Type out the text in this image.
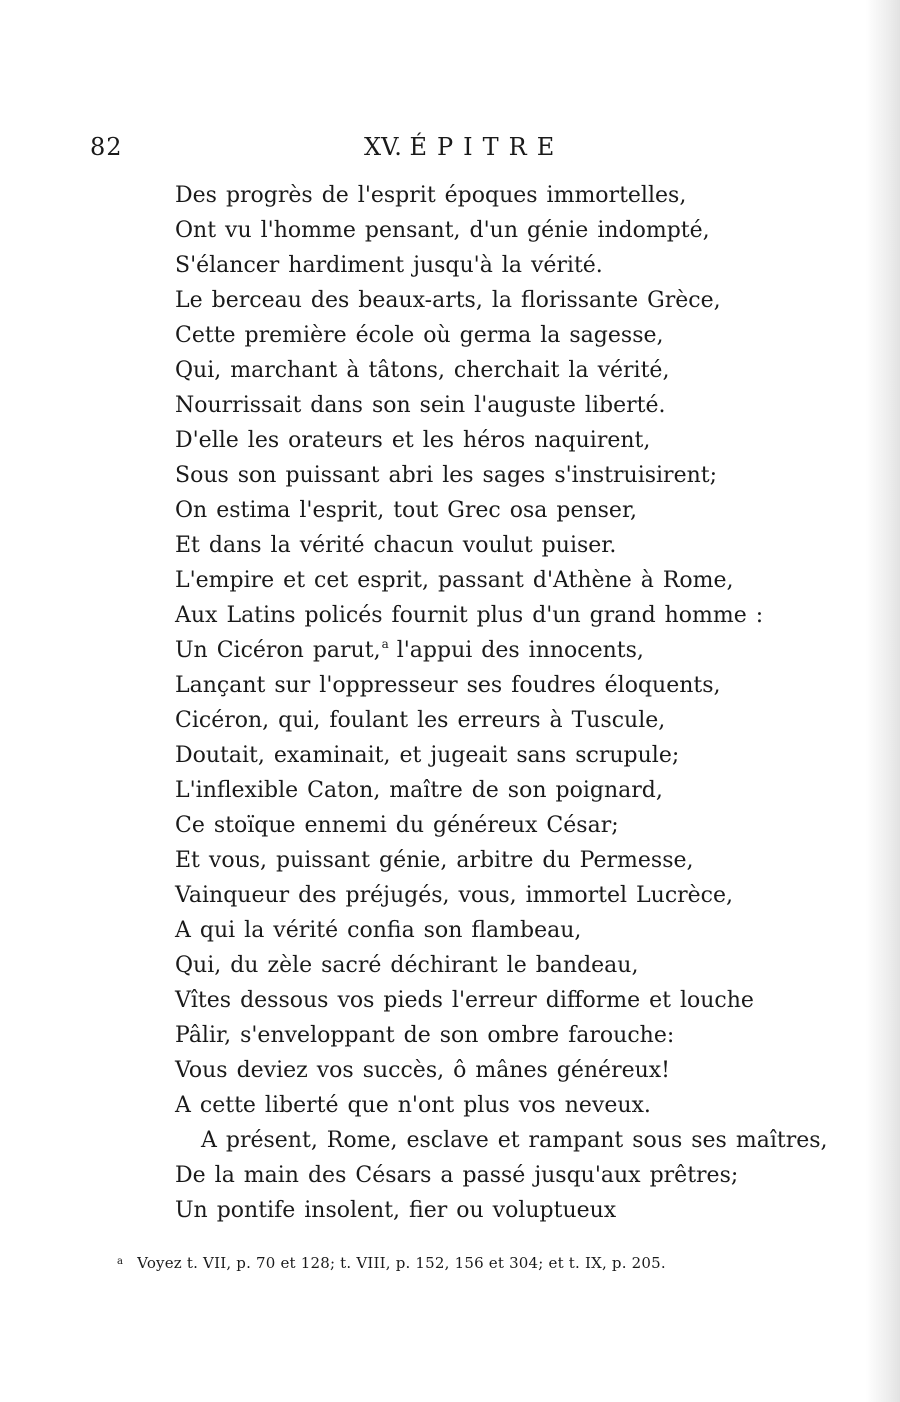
82	XV. ÉPITRE
Des progrès de l'esprit époques immortelles,
Ont vu l'homme pensant, d'un génie indompté,
S'élancer hardiment jusqu'à la vérité.
Le berceau des beaux-arts, la florissante Grèce,
Cette première école où germa la sagesse,
Qui, marchant à tâtons, cherchait la vérité,
Nourrissait dans son sein l'auguste liberté.
D'elle les orateurs et les héros naquirent,
Sous son puissant abri les sages s'instruisirent;
On estima l'esprit, tout Grec osa penser,
Et dans la vérité chacun voulut puiser.
L'empire et cet esprit, passant d'Athène à Rome,
Aux Latins policés fournit plus d'un grand homme :
Un Cicéron parut,$^a$ l'appui des innocents,
Lançant sur l'oppresseur ses foudres éloquents,
Cicéron, qui, foulant les erreurs à Tuscule,
Doutait, examinait, et jugeait sans scrupule;
L'inflexible Caton, maître de son poignard,
Ce stoïque ennemi du généreux César;
Et vous, puissant génie, arbitre du Permesse,
Vainqueur des préjugés, vous, immortel Lucrèce,
A qui la vérité confia son flambeau,
Qui, du zèle sacré déchirant le bandeau,
Vîtes dessous vos pieds l'erreur difforme et louche
Pâlir, s'enveloppant de son ombre farouche:
Vous deviez vos succès, ô mânes généreux!
A cette liberté que n'ont plus vos neveux.
A présent, Rome, esclave et rampant sous ses maîtres,
De la main des Césars a passé jusqu'aux prêtres;
Un pontife insolent, fier ou voluptueux
$^a$ Voyez t. VII, p. 70 et 128; t. VIII, p. 152, 156 et 304; et t. IX, p. 205.
